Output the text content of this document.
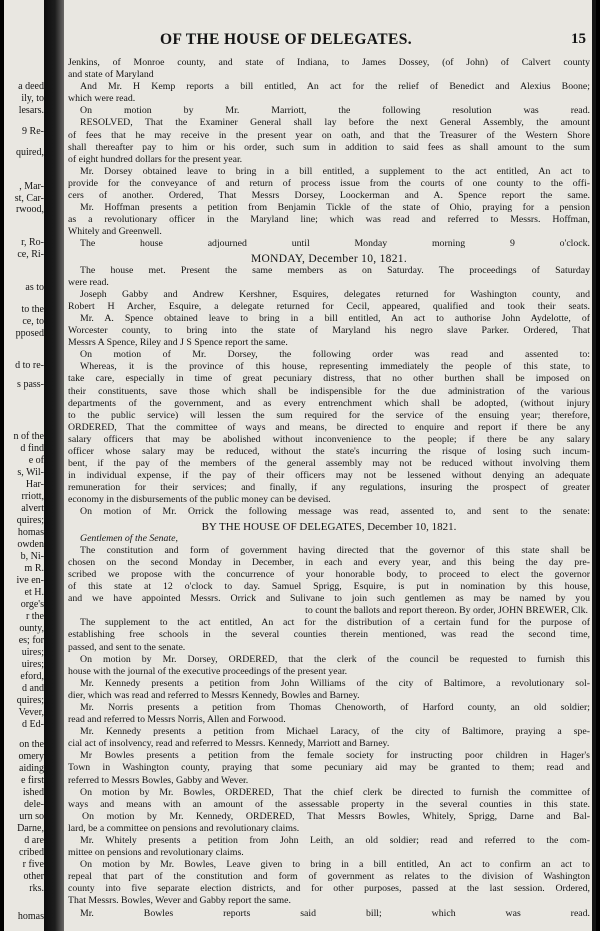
a deed
ily, to
lesars.
9 Re-
quired,
, Mar-
st, Car-
rwood,
r, Ro-
ce, Ri-
as to
to the
ce, to
pposed
d to re-
s pass-
n of the
d find
e of
s, Wil-
Har-
rriott,
alvert
quires;
homas
owden
b, Ni-
m R.
ive en-
et H.
orge's
r the
ounty,
es; for
uires;
uires;
eford,
d and
quires;
Vever,
d Ed-
on the
omery
aiding
e first
ished
dele-
urn so
Darne,
d are
cribed
r five
other
rks.
homas
OF THE HOUSE OF DELEGATES.	15
Jenkins, of Monroe county, and state of Indiana, to James Dossey, (of John) of Calvert county
and state of Maryland
And Mr. H Kemp reports a bill entitled, An act for the relief of Benedict and Alexius Boone;
which were read.
On motion by Mr. Marriott, the following resolution was read.
RESOLVED, That the Examiner General shall lay before the next General Assembly, the amount
of fees that he may receive in the present year on oath, and that the Treasurer of the Western Shore
shall thereafter pay to him or his order, such sum in addition to said fees as shall amount to the sum
of eight hundred dollars for the present year.
Mr. Dorsey obtained leave to bring in a bill entitled, a supplement to the act entitled, An act to
provide for the conveyance of and return of process issue from the courts of one county to the offi-
cers of another. Ordered, That Messrs Dorsey, Loockerman and A. Spence report the same.
Mr. Hoffman presents a petition from Benjamin Tickle of the state of Ohio, praying for a pension
as a revolutionary officer in the Maryland line; which was read and referred to Messrs. Hoffman,
Whitely and Greenwell.
The house adjourned until Monday morning 9 o'clock.
MONDAY, December 10, 1821.
The house met. Present the same members as on Saturday. The proceedings of Saturday
were read.
Joseph Gabby and Andrew Kershner, Esquires, delegates returned for Washington county, and
Robert H Archer, Esquire, a delegate returned for Cecil, appeared, qualified and took their seats.
Mr. A. Spence obtained leave to bring in a bill entitled, An act to authorise John Aydelotte, of
Worcester county, to bring into the state of Maryland his negro slave Parker. Ordered, That
Messrs A Spence, Riley and J S Spence report the same.
On motion of Mr. Dorsey, the following order was read and assented to:
Whereas, it is the province of this house, representing immediately the people of this state, to
take care, especially in time of great pecuniary distress, that no other burthen shall be imposed on
their constituents, save those which shall be indispensible for the due administration of the various
departments of the government, and as every entrenchment which shall be adopted, (without injury
to the public service) will lessen the sum required for the service of the ensuing year; therefore,
ORDERED, That the committee of ways and means, be directed to enquire and report if there be any
salary officers that may be abolished without inconvenience to the people; if there be any salary
officer whose salary may be reduced, without the state's incurring the risque of losing such incum-
bent, if the pay of the members of the general assembly may not be reduced without involving them
in individual expense, if the pay of their officers may not be lessened without denying an adequate
remuneration for their services; and finally, if any regulations, insuring the prospect of greater
economy in the disbursements of the public money can be devised.
On motion of Mr. Orrick the following message was read, assented to, and sent to the senate:
BY THE HOUSE OF DELEGATES, December 10, 1821.
Gentlemen of the Senate,
The constitution and form of government having directed that the governor of this state shall be
chosen on the second Monday in December, in each and every year, and this being the day pre-
scribed we propose with the concurrence of your honorable body, to proceed to elect the governor
of this state at 12 o'clock to day. Samuel Sprigg, Esquire, is put in nomination by this house,
and we have appointed Messrs. Orrick and Sulivane to join such gentlemen as may be named by you
to count the ballots and report thereon. By order, JOHN BREWER, Clk.
The supplement to the act entitled, An act for the distribution of a certain fund for the purpose of
establishing free schools in the several counties therein mentioned, was read the second time,
passed, and sent to the senate.
On motion by Mr. Dorsey, ORDERED, that the clerk of the council be requested to furnish this
house with the journal of the executive proceedings of the present year.
Mr. Kennedy presents a petition from John Williams of the city of Baltimore, a revolutionary sol-
dier, which was read and referred to Messrs Kennedy, Bowles and Barney.
Mr. Norris presents a petition from Thomas Chenoworth, of Harford county, an old soldier;
read and referred to Messrs Norris, Allen and Forwood.
Mr. Kennedy presents a petition from Michael Laracy, of the city of Baltimore, praying a spe-
cial act of insolvency, read and referred to Messrs. Kennedy, Marriott and Barney.
Mr Bowles presents a petition from the female society for instructing poor children in Hager's
Town in Washington county, praying that some pecuniary aid may be granted to them; read and
referred to Messrs Bowles, Gabby and Wever.
On motion by Mr. Bowles, ORDERED, That the chief clerk be directed to furnish the committee of
ways and means with an amount of the assessable property in the several counties in this state.
On motion by Mr. Kennedy, ORDERED, That Messrs Bowles, Whitely, Sprigg, Darne and Bal-
lard, be a committee on pensions and revolutionary claims.
Mr. Whitely presents a petition from John Leith, an old soldier; read and referred to the com-
mittee on pensions and revolutionary claims.
On motion by Mr. Bowles, Leave given to bring in a bill entitled, An act to confirm an act to
repeal that part of the constitution and form of government as relates to the division of Washington
county into five separate election districts, and for other purposes, passed at the last session. Ordered,
That Messrs. Bowles, Wever and Gabby report the same.
Mr. Bowles reports said bill; which was read.
